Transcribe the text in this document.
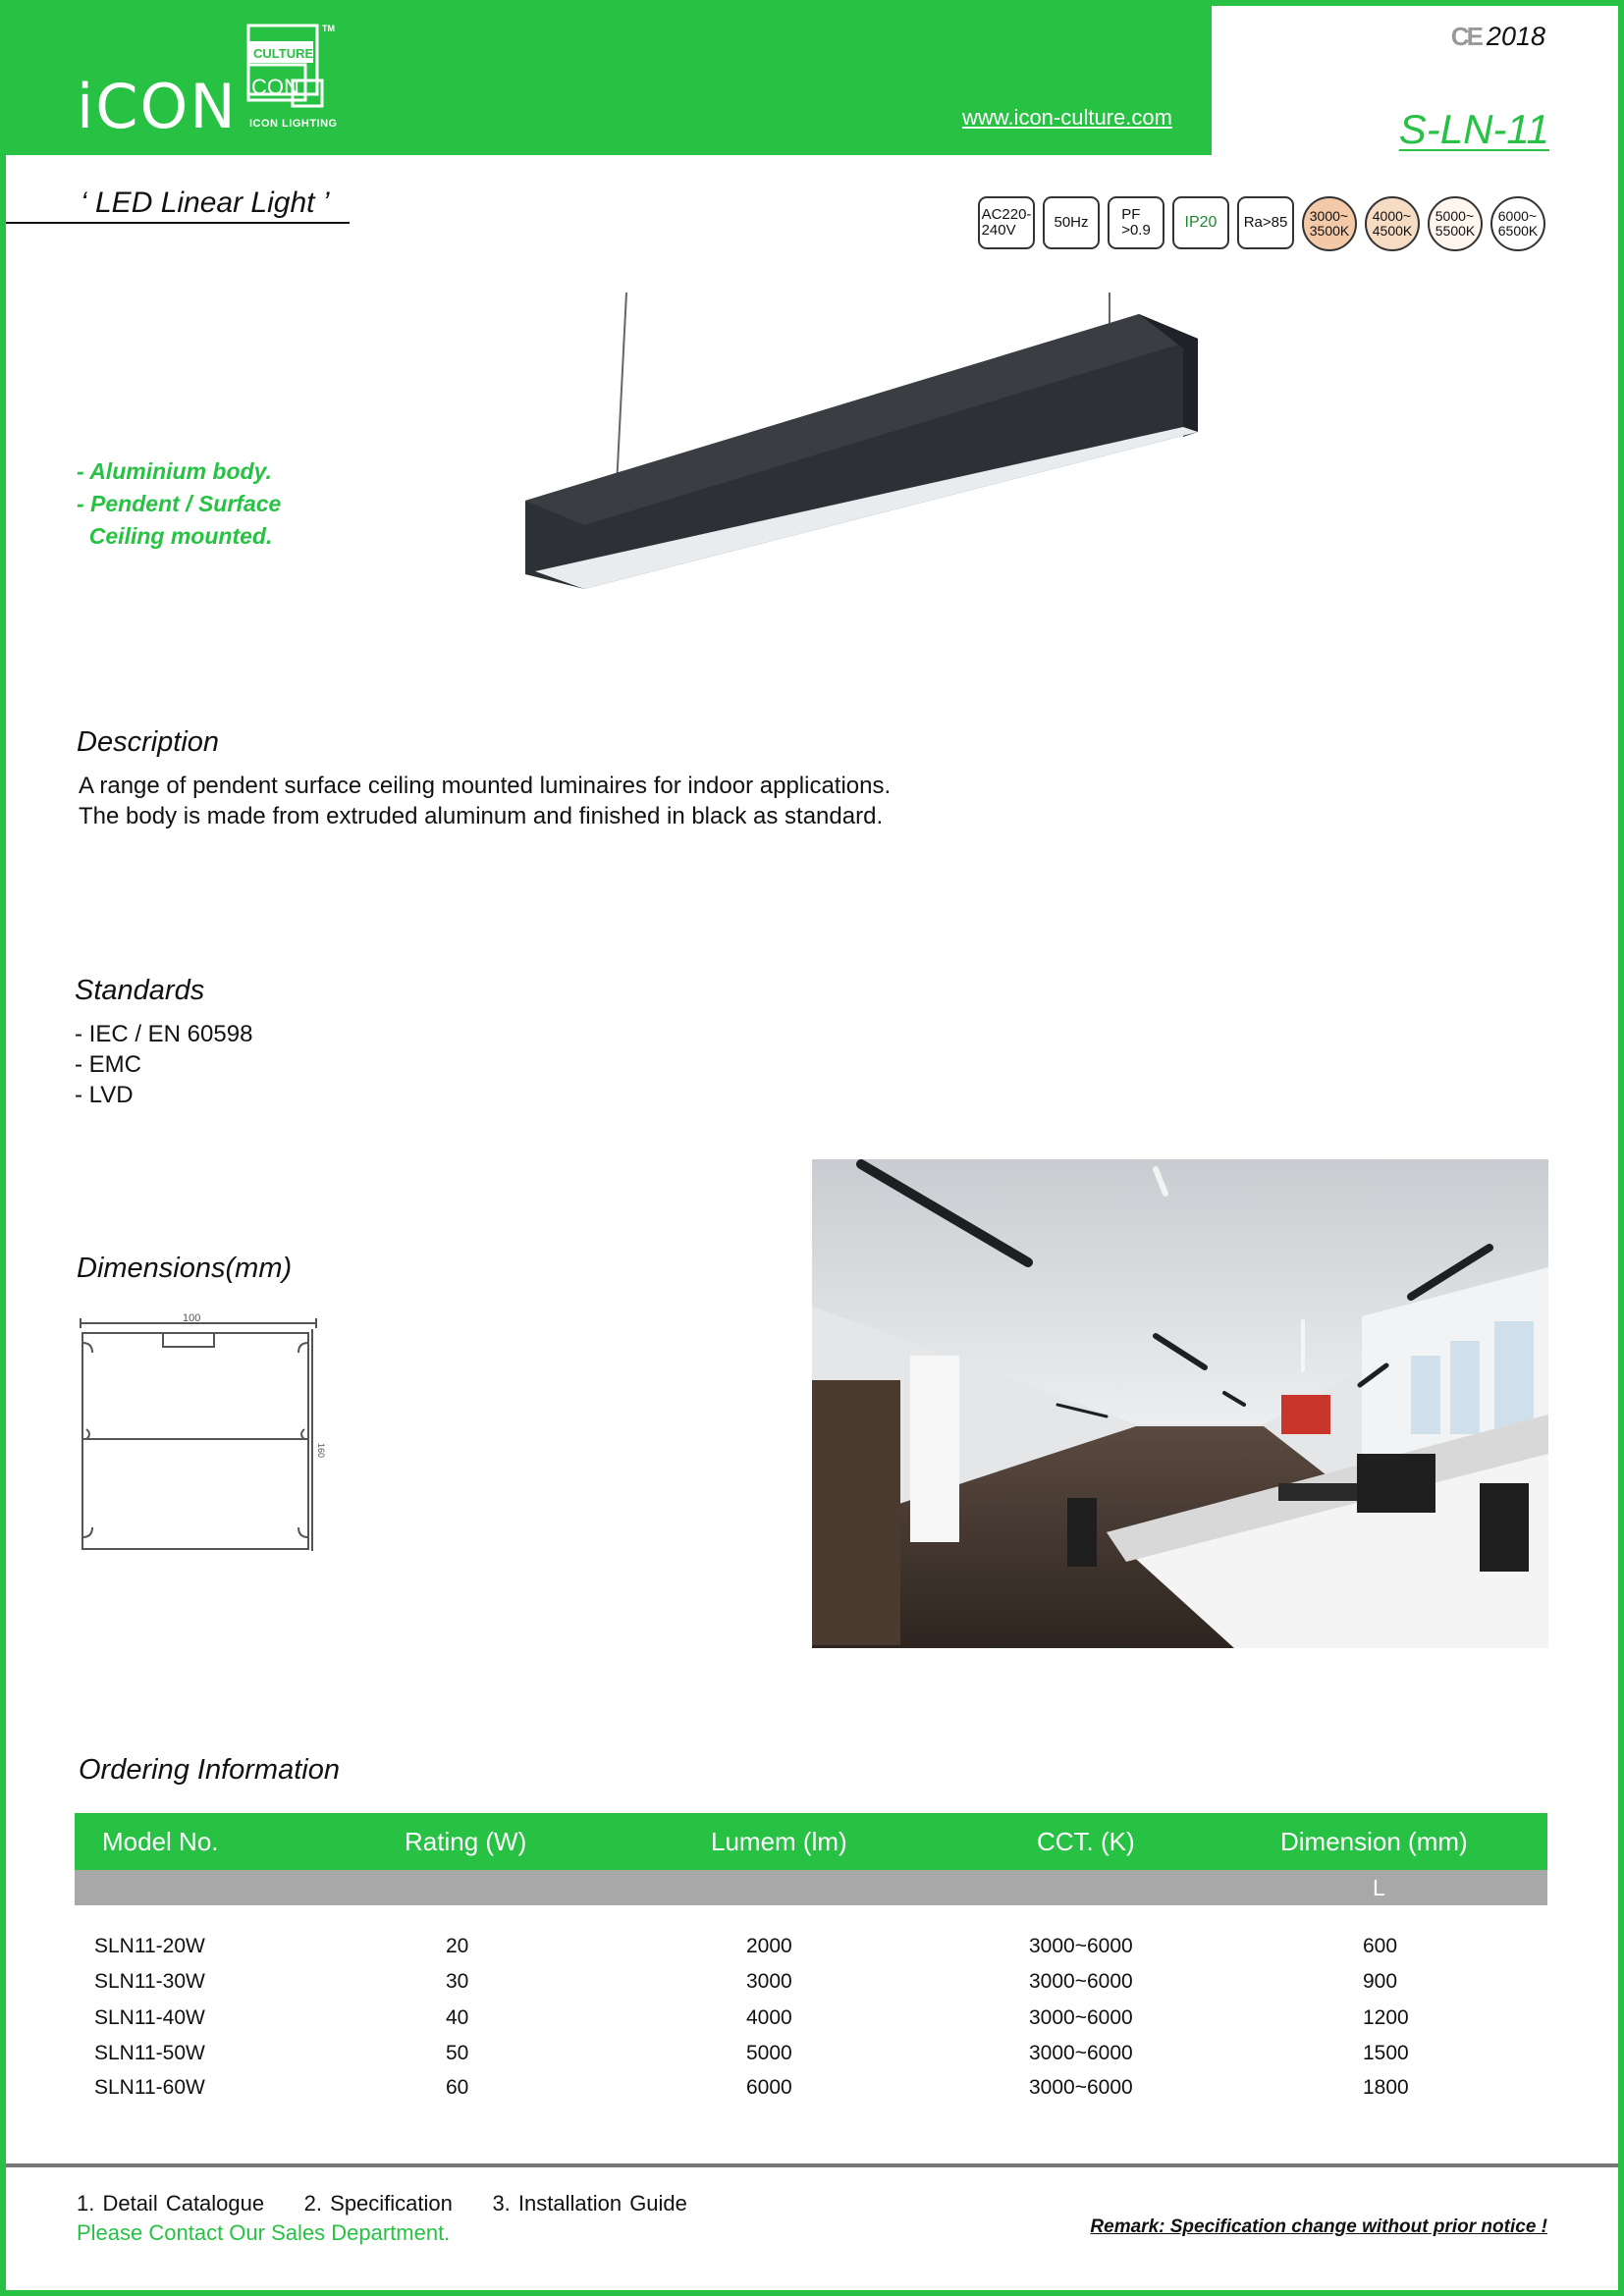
iCON
CULTURE
CON
TM
ICON LIGHTING	www.icon-culture.com
CE 2018
S-LN-11
‘ LED Linear Light ’	AC220-
240V	50Hz PF
>0.9 IP20 Ra>85 3000~
3500K
4000~
4500K
5000~
5500K
6000~
6500K
- Aluminium body.
- Pendent / Surface
Ceiling mounted.
Description
A range of pendent surface ceiling mounted luminaires for indoor applications.
The body is made from extruded aluminum and finished in black as standard.
Standards
- IEC / EN 60598
- EMC
- LVD
Dimensions(mm)
100
160
Ordering Information
Model No.	Rating (W)	Lumem (lm)	CCT. (K)	Dimension (mm)
L
SLN11-20W	20	2000	3000~6000	600
SLN11-30W	30	3000	3000~6000	900
SLN11-40W	40	4000	3000~6000	1200
SLN11-50W	50	5000	3000~6000	1500
SLN11-60W	60	6000	3000~6000	1800
1. Detail Catalogue     2. Specification     3. Installation Guide
Please Contact Our Sales Department.	Remark: Specification change without prior notice !
